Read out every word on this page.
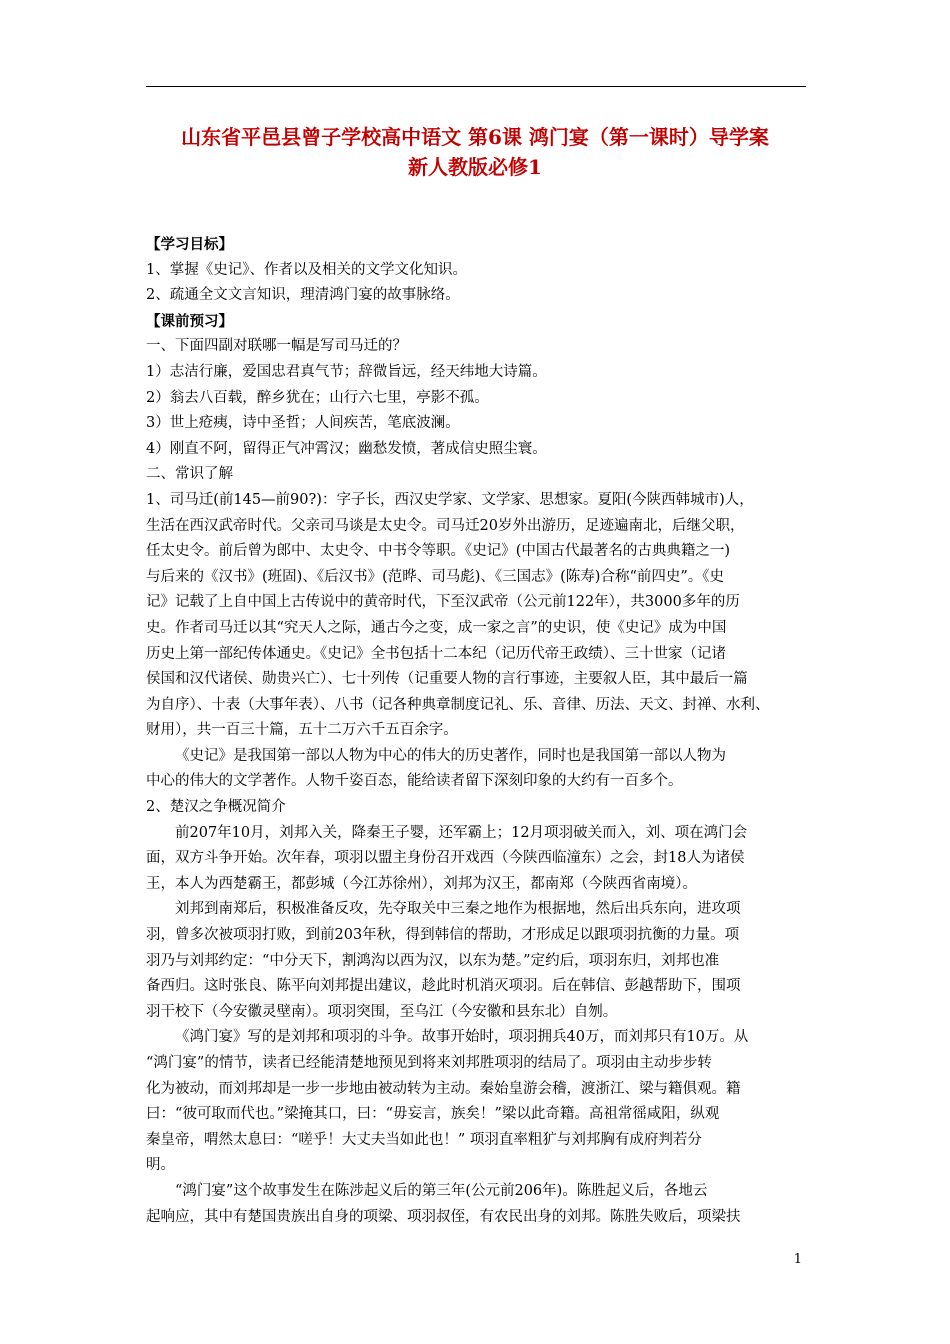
山东省平邑县曾子学校高中语文 第6课 鸿门宴（第一课时）导学案
新人教版必修1
【学习目标】
1、掌握《史记》、作者以及相关的文学文化知识。
2、疏通全文文言知识，理清鸿门宴的故事脉络。
【课前预习】
一、下面四副对联哪一幅是写司马迁的？
1）志洁行廉，爱国忠君真气节；辞微旨远，经天纬地大诗篇。
2）翁去八百载，醉乡犹在；山行六七里，亭影不孤。
3）世上疮痍，诗中圣哲；人间疾苦，笔底波澜。
4）刚直不阿，留得正气冲霄汉；幽愁发愤，著成信史照尘寰。
二、常识了解
1、司马迁(前145—前90?)：字子长，西汉史学家、文学家、思想家。夏阳(今陕西韩城市)人，
生活在西汉武帝时代。父亲司马谈是太史令。司马迁20岁外出游历，足迹遍南北，后继父职，
任太史令。前后曾为郎中、太史令、中书令等职。《史记》(中国古代最著名的古典典籍之一)
与后来的《汉书》(班固)、《后汉书》(范晔、司马彪)、《三国志》(陈寿)合称“前四史”。《史
记》记载了上自中国上古传说中的黄帝时代，下至汉武帝（公元前122年），共3000多年的历
史。作者司马迁以其“究天人之际，通古今之变，成一家之言”的史识，使《史记》成为中国
历史上第一部纪传体通史。《史记》全书包括十二本纪（记历代帝王政绩）、三十世家（记诸
侯国和汉代诸侯、勋贵兴亡）、七十列传（记重要人物的言行事迹，主要叙人臣，其中最后一篇
为自序）、十表（大事年表）、八书（记各种典章制度记礼、乐、音律、历法、天文、封禅、水利、
财用），共一百三十篇，五十二万六千五百余字。
《史记》是我国第一部以人物为中心的伟大的历史著作，同时也是我国第一部以人物为
中心的伟大的文学著作。人物千姿百态，能给读者留下深刻印象的大约有一百多个。
2、楚汉之争概况简介
前207年10月，刘邦入关，降秦王子婴，还军霸上；12月项羽破关而入，刘、项在鸿门会
面，双方斗争开始。次年春，项羽以盟主身份召开戏西（今陕西临潼东）之会，封18人为诸侯
王，本人为西楚霸王，都彭城（今江苏徐州），刘邦为汉王，都南郑（今陕西省南境）。
刘邦到南郑后，积极准备反攻，先夺取关中三秦之地作为根据地，然后出兵东向，进攻项
羽，曾多次被项羽打败，到前203年秋，得到韩信的帮助，才形成足以跟项羽抗衡的力量。项
羽乃与刘邦约定：“中分天下，割鸿沟以西为汉，以东为楚。”定约后，项羽东归，刘邦也准
备西归。这时张良、陈平向刘邦提出建议，趁此时机消灭项羽。后在韩信、彭越帮助下，围项
羽干校下（今安徽灵壁南）。项羽突围，至乌江（今安徽和县东北）自刎。
《鸿门宴》写的是刘邦和项羽的斗争。故事开始时，项羽拥兵40万，而刘邦只有10万。从
“鸿门宴”的情节，读者已经能清楚地预见到将来刘邦胜项羽的结局了。项羽由主动步步转
化为被动，而刘邦却是一步一步地由被动转为主动。秦始皇游会稽，渡浙江、梁与籍俱观。籍
曰：“彼可取而代也。”梁掩其口，曰：“毋妄言，族矣！”梁以此奇籍。高祖常徭咸阳，纵观
秦皇帝，喟然太息曰：“嗟乎！大丈夫当如此也！” 项羽直率粗犷与刘邦胸有成府判若分
明。
“鸿门宴”这个故事发生在陈涉起义后的第三年(公元前206年)。陈胜起义后，各地云
起响应，其中有楚国贵族出自身的项梁、项羽叔侄，有农民出身的刘邦。陈胜失败后，项梁扶
1
